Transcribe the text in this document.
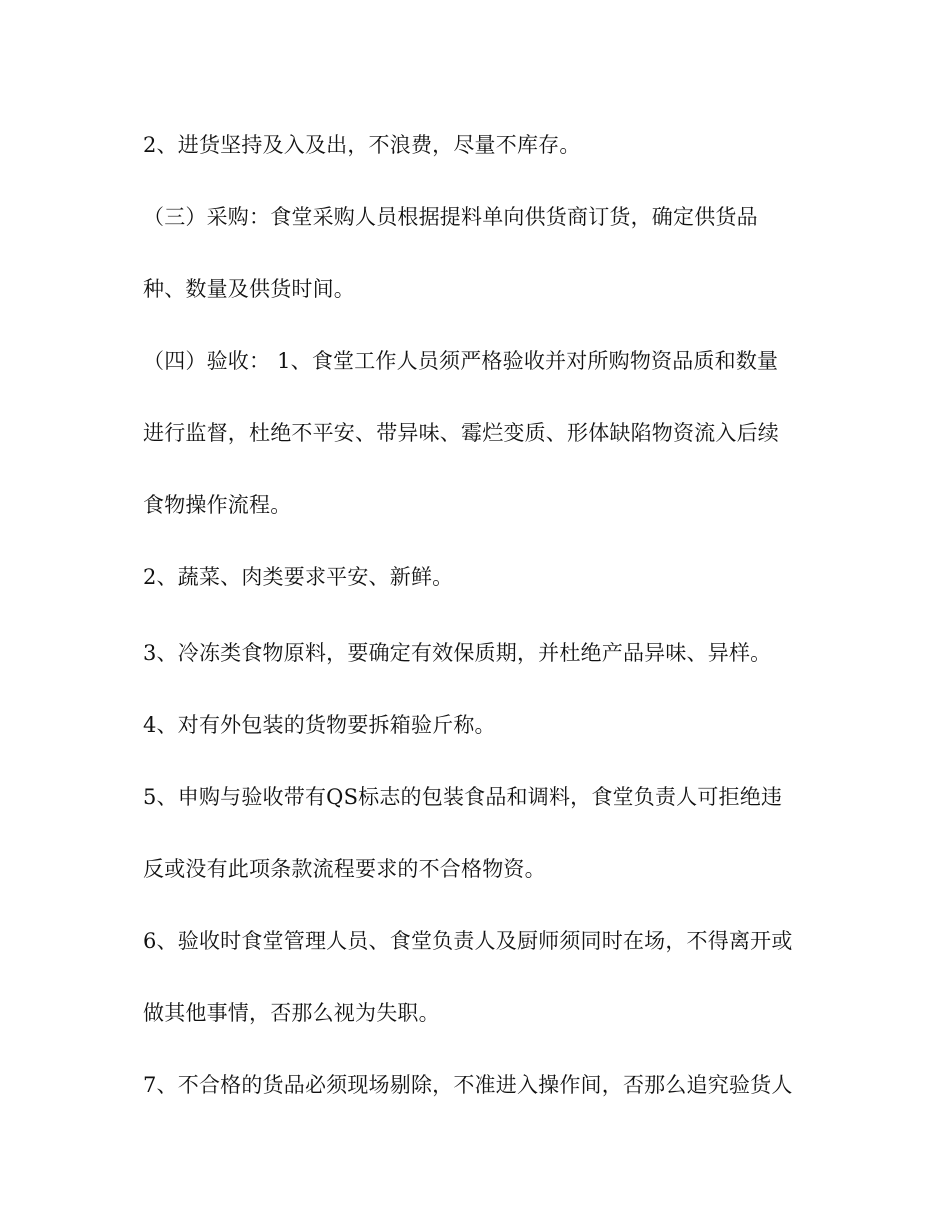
2、进货坚持及入及出，不浪费，尽量不库存。
（三）采购：食堂采购人员根据提料单向供货商订货，确定供货品
种、数量及供货时间。
（四）验收： 1、食堂工作人员须严格验收并对所购物资品质和数量
进行监督，杜绝不平安、带异味、霉烂变质、形体缺陷物资流入后续
食物操作流程。
2、蔬菜、肉类要求平安、新鲜。
3、冷冻类食物原料，要确定有效保质期，并杜绝产品异味、异样。
4、对有外包装的货物要拆箱验斤称。
5、申购与验收带有QS标志的包装食品和调料，食堂负责人可拒绝违
反或没有此项条款流程要求的不合格物资。
6、验收时食堂管理人员、食堂负责人及厨师须同时在场，不得离开或
做其他事情，否那么视为失职。
7、不合格的货品必须现场剔除，不准进入操作间，否那么追究验货人
